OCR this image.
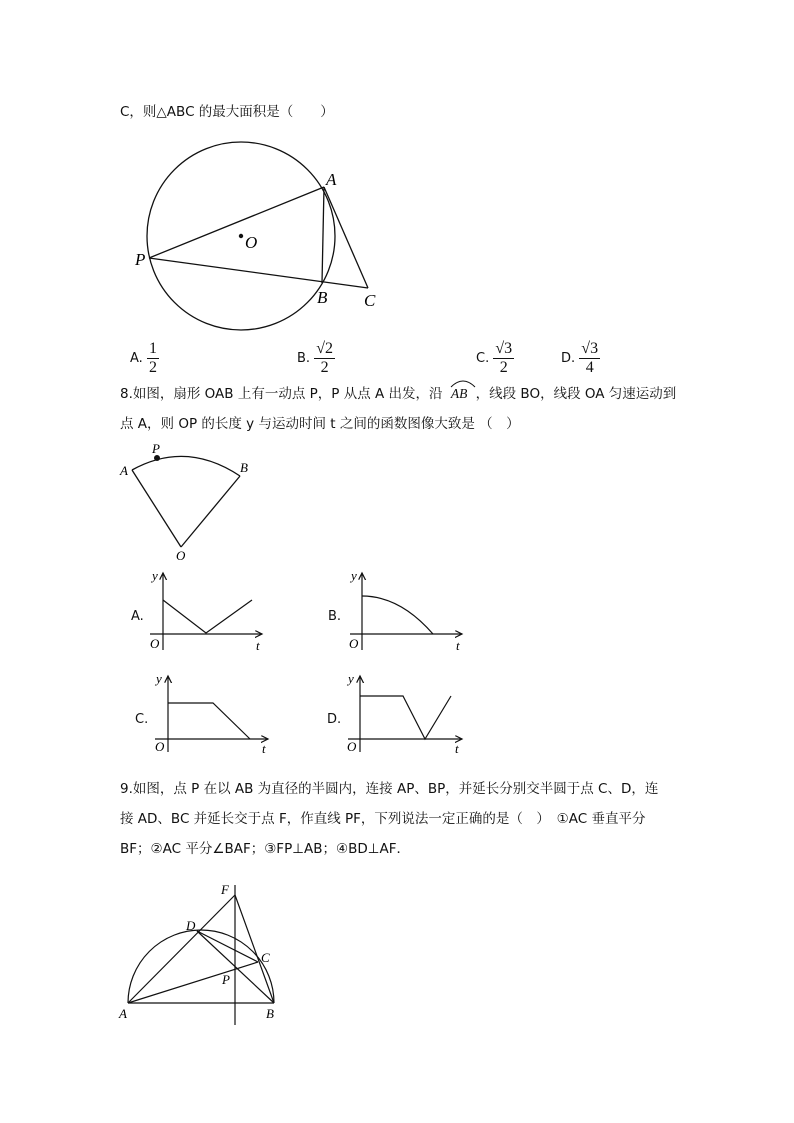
C，则△ABC 的最大面积是（　　）
A
O
P
B C
A. $\frac{1}{2}$	B. $\frac{√2}{2}$	C. $\frac{√3}{2}$	D. $\frac{√3}{4}$
8.如图，扇形 OAB 上有一动点 P，P 从点 A 出发，沿 AB ，线段 BO，线段 OA 匀速运动到
点 A，则 OP 的长度 y 与运动时间 t 之间的函数图像大致是 （　）
P
A	B
O
A.
y
t
O
B.
y
t
O
C.
y
t
O
D.
y
t
O
9.如图，点 P 在以 AB 为直径的半圆内，连接 AP、BP，并延长分别交半圆于点 C、D，连
接 AD、BC 并延长交于点 F，作直线 PF，下列说法一定正确的是（　）　①AC 垂直平分
BF；②AC 平分∠BAF；③FP⊥AB；④BD⊥AF．
F
D
C
P
A	B
